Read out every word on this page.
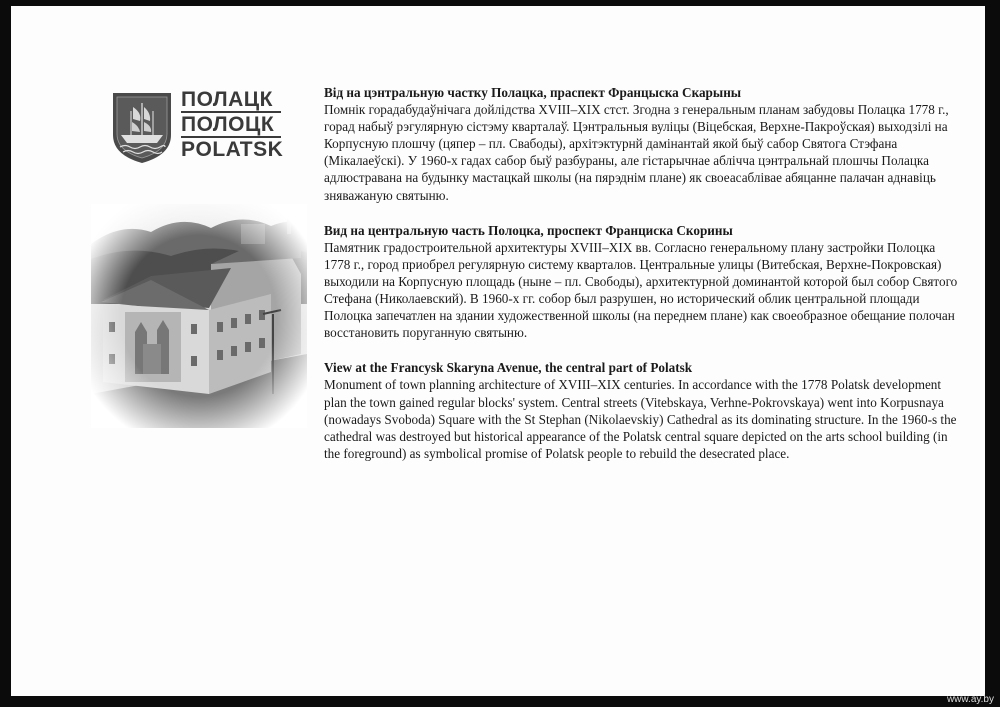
ПОЛАЦК
ПОЛОЦК
POLATSK
Від на цэнтральную частку Полацка, праспект Францыска Скарыны
Помнік горадабудаўнічага дойлідства XVIII–XIX стст. Згодна з генеральным планам забудовы Полацка 1778 г., горад набыў рэгулярную сістэму кварталаў. Цэнтральныя вуліцы (Віцебская, Верхне-Пакроўская) выходзілі на Корпусную плошчу (цяпер – пл. Свабоды), архітэктурнй дамінантай якой быў сабор Святога Стэфана (Мікалаеўскі). У 1960-х гадах сабор быў разбураны, але гістарычнае аблічча цэнтральнай плошчы Полацка адлюстравана на будынку мастацкай школы (на пярэднім плане) як своеасаблівае абяцанне палачан аднавіць зняважаную святыню.
Вид на центральную часть Полоцка, проспект Франциска Скорины
Памятник градостроительной архитектуры XVIII–XIX вв. Согласно генеральному плану застройки Полоцка 1778 г., город приобрел регулярную систему кварталов. Центральные улицы (Витебская, Верхне-Покровская) выходили на Корпусную площадь (ныне – пл. Свободы), архитектурной доминантой которой был собор Святого Стефана (Николаевский). В 1960-х гг. собор был разрушен, но исторический облик центральной площади Полоцка запечатлен на здании художественной школы (на переднем плане) как своеобразное обещание полочан восстановить поруганную святыню.
View at the Francysk Skaryna Avenue, the central part of Polatsk
Monument of town planning architecture of XVIII–XIX centuries. In accordance with the 1778 Polatsk development plan the town gained regular blocks' system. Central streets (Vitebskaya, Verhne-Pokrovskaya) went into Korpusnaya (nowadays Svoboda) Square with the St Stephan (Nikolaevskiy) Cathedral as its dominating structure. In the 1960-s the cathedral was destroyed but historical appearance of the Polatsk central square depicted on the arts school building (in the foreground) as symbolical promise of Polatsk people to rebuild the desecrated place.
www.ay.by
